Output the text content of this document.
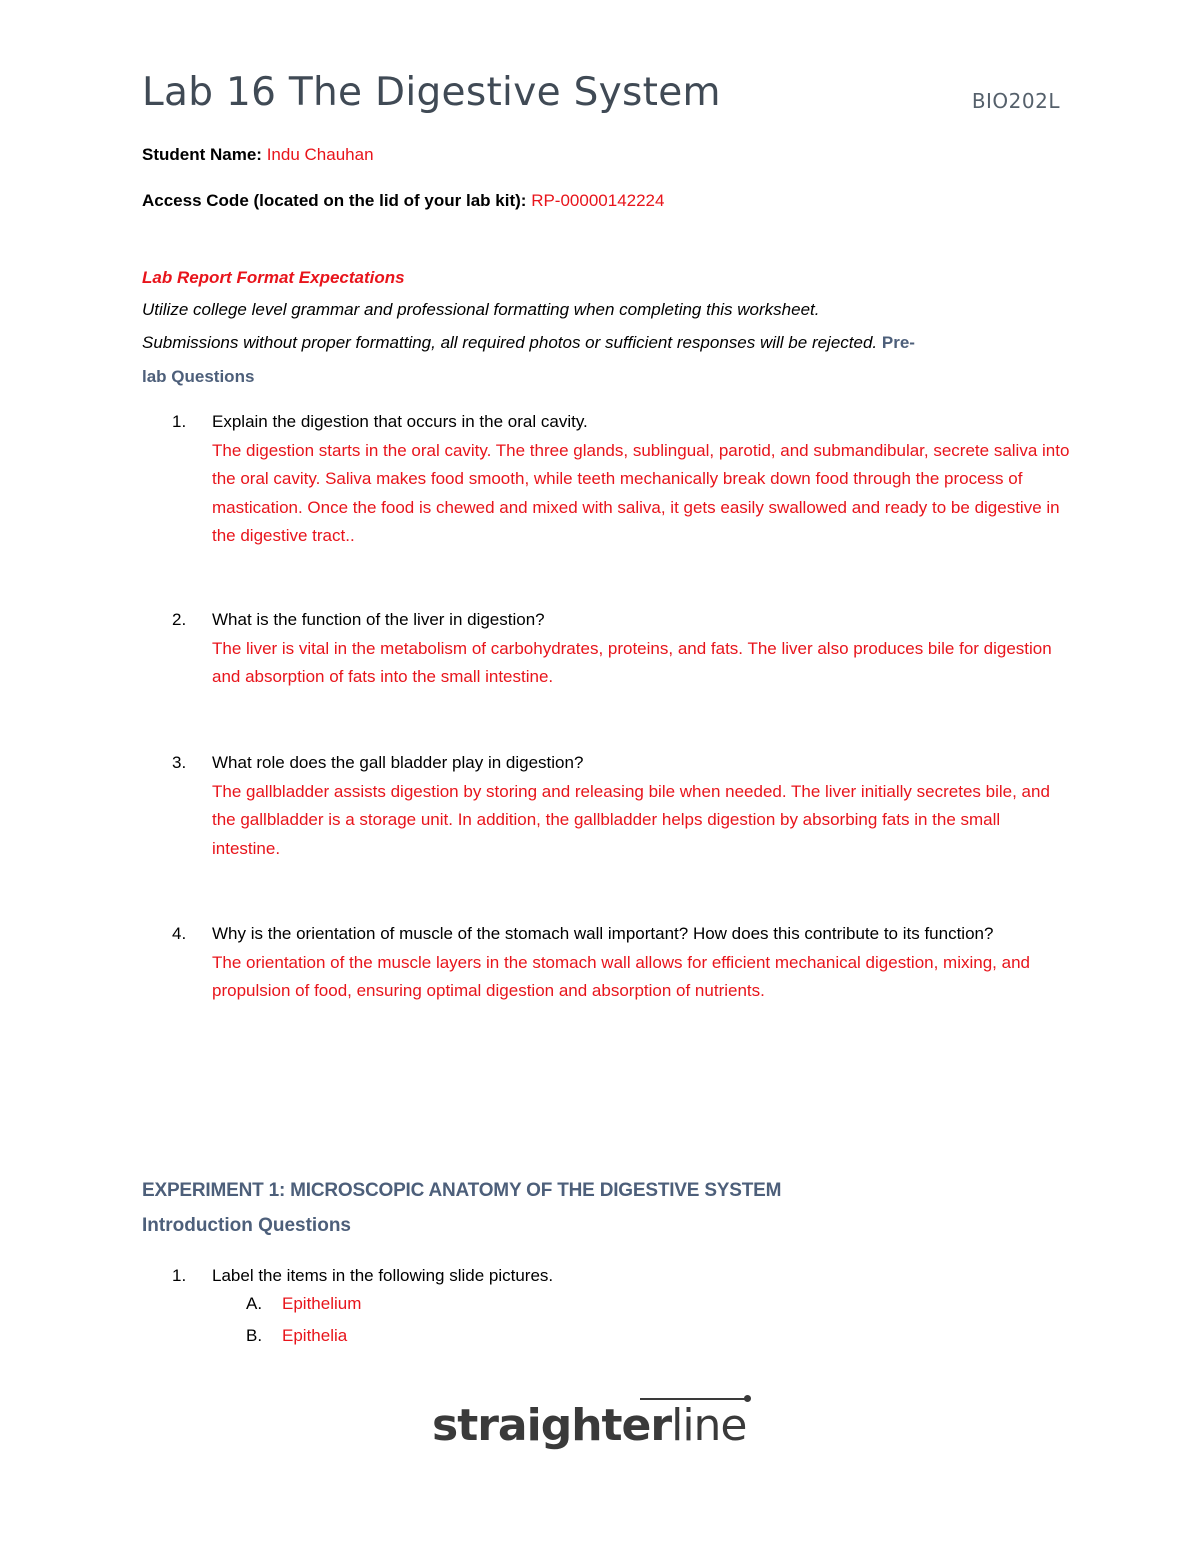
Lab 16 The Digestive System	BIO202L
Student Name: Indu Chauhan
Access Code (located on the lid of your lab kit): RP-00000142224
Lab Report Format Expectations
Utilize college level grammar and professional formatting when completing this worksheet.
Submissions without proper formatting, all required photos or sufficient responses will be rejected. Pre-
lab Questions
1.	Explain the digestion that occurs in the oral cavity.
The digestion starts in the oral cavity. The three glands, sublingual, parotid, and submandibular, secrete saliva into the oral cavity. Saliva makes food smooth, while teeth mechanically break down food through the process of mastication. Once the food is chewed and mixed with saliva, it gets easily swallowed and ready to be digestive in the digestive tract..
2.	What is the function of the liver in digestion?
The liver is vital in the metabolism of carbohydrates, proteins, and fats. The liver also produces bile for digestion and absorption of fats into the small intestine.
3.	What role does the gall bladder play in digestion?
The gallbladder assists digestion by storing and releasing bile when needed. The liver initially secretes bile, and the gallbladder is a storage unit. In addition, the gallbladder helps digestion by absorbing fats in the small intestine.
4.	Why is the orientation of muscle of the stomach wall important? How does this contribute to its function?
The orientation of the muscle layers in the stomach wall allows for efficient mechanical digestion, mixing, and propulsion of food, ensuring optimal digestion and absorption of nutrients.
EXPERIMENT 1: MICROSCOPIC ANATOMY OF THE DIGESTIVE SYSTEM
Introduction Questions
1.	Label the items in the following slide pictures.
A. Epithelium
B. Epithelia
straighterline
